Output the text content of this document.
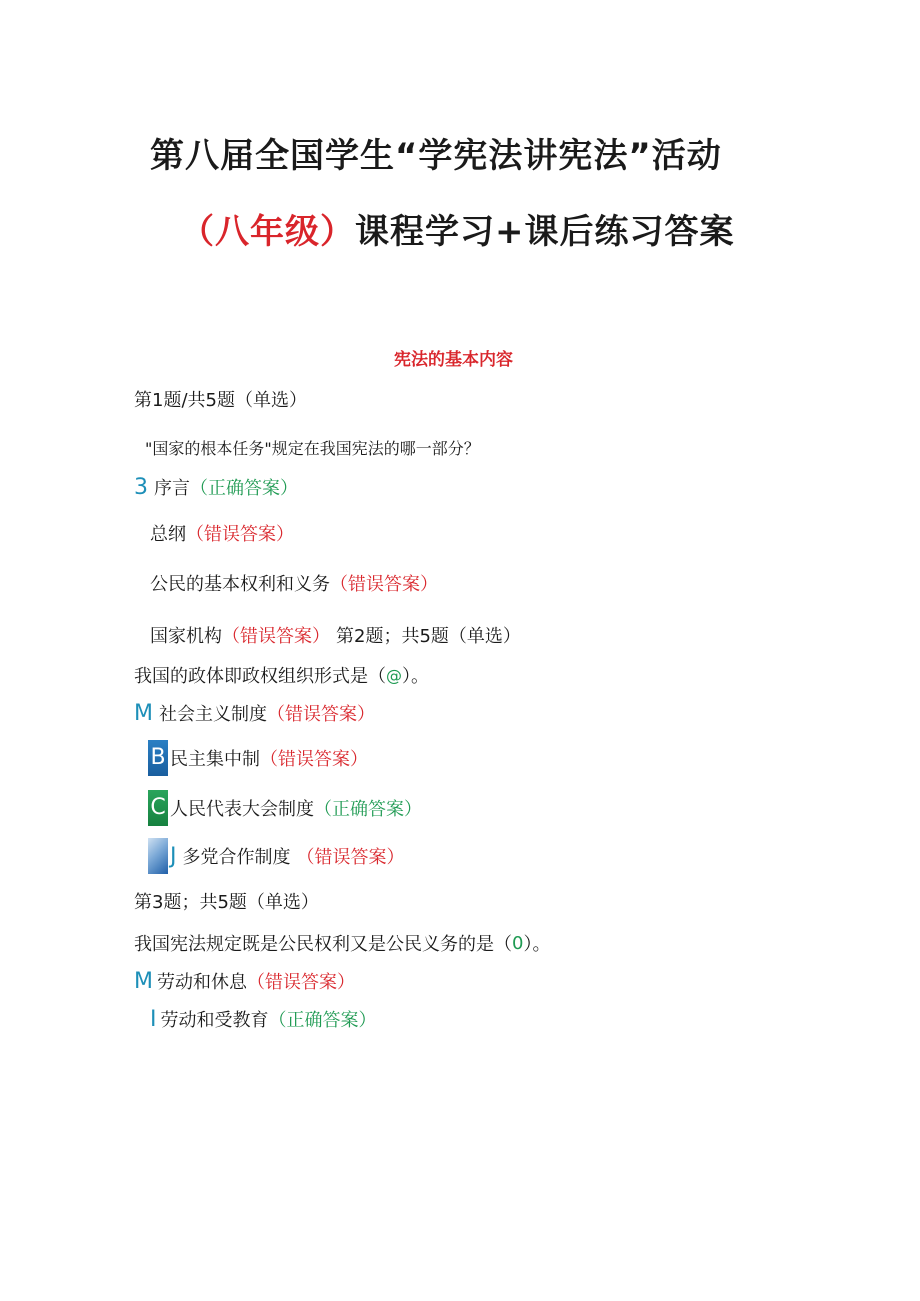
第八届全国学生“学宪法讲宪法”活动
（八年级）课程学习+课后练习答案
宪法的基本内容
第1题/共5题（单选）
"国家的根本任务"规定在我国宪法的哪一部分？
3 序言 （正确答案）
总纲 （错误答案）
公民的基本权利和义务 （错误答案）
国家机构 （错误答案） 第2题；共5题（单选）
我国的政体即政权组织形式是（ @ ）。
M 社会主义制度 （错误答案）
B 民主集中制 （错误答案）
C 人民代表大会制度 （正确答案）
J 多党合作制度 （错误答案）
第3题；共5题（单选）
我国宪法规定既是公民权利又是公民义务的是（ 0 ）。
M 劳动和休息 （错误答案）
I 劳动和受教育 （正确答案）
